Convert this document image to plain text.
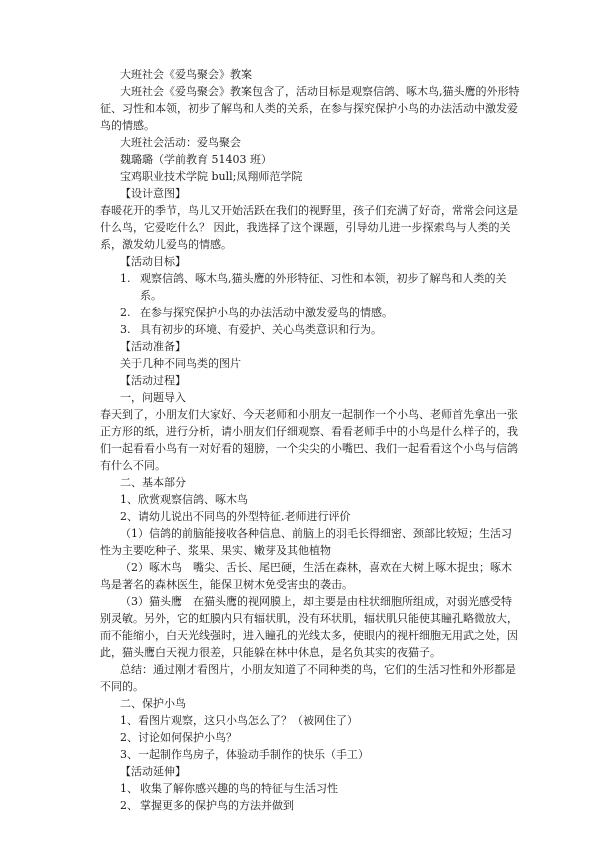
大班社会《爱鸟聚会》教案

大班社会《爱鸟聚会》教案包含了，活动目标是观察信鸽、啄木鸟,猫头鹰的外形特征、习性和本领，初步了解鸟和人类的关系，在参与探究保护小鸟的办法活动中激发爱鸟的情感。

大班社会活动：爱鸟聚会

魏璐璐（学前教育 51403 班）

宝鸡职业技术学院 bull;凤翔师范学院

【设计意图】

春暖花开的季节，鸟儿又开始活跃在我们的视野里，孩子们充满了好奇，常常会问这是什么鸟，它爱吃什么？ 因此，我选择了这个课题，引导幼儿进一步探索鸟与人类的关系，激发幼儿爱鸟的情感。

【活动目标】

1. 观察信鸽、啄木鸟,猫头鹰的外形特征、习性和本领，初步了解鸟和人类的关系。
2. 在参与探究保护小鸟的办法活动中激发爱鸟的情感。
3. 具有初步的环境、有爱护、关心鸟类意识和行为。

【活动准备】

关于几种不同鸟类的图片

【活动过程】

一，问题导入

春天到了，小朋友们大家好、今天老师和小朋友一起制作一个小鸟、老师首先拿出一张正方形的纸，进行分析，请小朋友们仔细观察、看看老师手中的小鸟是什么样子的，我们一起看看小鸟有一对好看的翅膀，一个尖尖的小嘴巴、我们一起看看这个小鸟与信鸽有什么不同。

二、基本部分

1、欣赏观察信鸽、啄木鸟

2、请幼儿说出不同鸟的外型特征.老师进行评价

（1）信鸽的前脑能接收各种信息、前脑上的羽毛长得细密、颈部比较短；生活习性为主要吃种子、浆果、果实、嫩芽及其他植物

（2）啄木鸟　嘴尖、舌长、尾巴硬，生活在森林，喜欢在大树上啄木捉虫；啄木鸟是著名的森林医生，能保卫树木免受害虫的袭击。

（3）猫头鹰　在猫头鹰的视网膜上，却主要是由柱状细胞所组成，对弱光感受特别灵敏。另外，它的虹膜内只有辐状肌，没有环状肌，辐状肌只能使其瞳孔略微放大，而不能缩小，白天光线强时，进入瞳孔的光线太多，使眼内的视杆细胞无用武之处，因此，猫头鹰白天视力很差，只能躲在林中休息，是名负其实的夜猫子。

总结：通过刚才看图片，小朋友知道了不同种类的鸟，它们的生活习性和外形都是不同的。

二、保护小鸟

1、看图片观察，这只小鸟怎么了？（被网住了）

2、讨论如何保护小鸟？

3、一起制作鸟房子，体验动手制作的快乐（手工）

【活动延伸】

1、 收集了解你感兴趣的鸟的特征与生活习性
2、 掌握更多的保护鸟的方法并做到
